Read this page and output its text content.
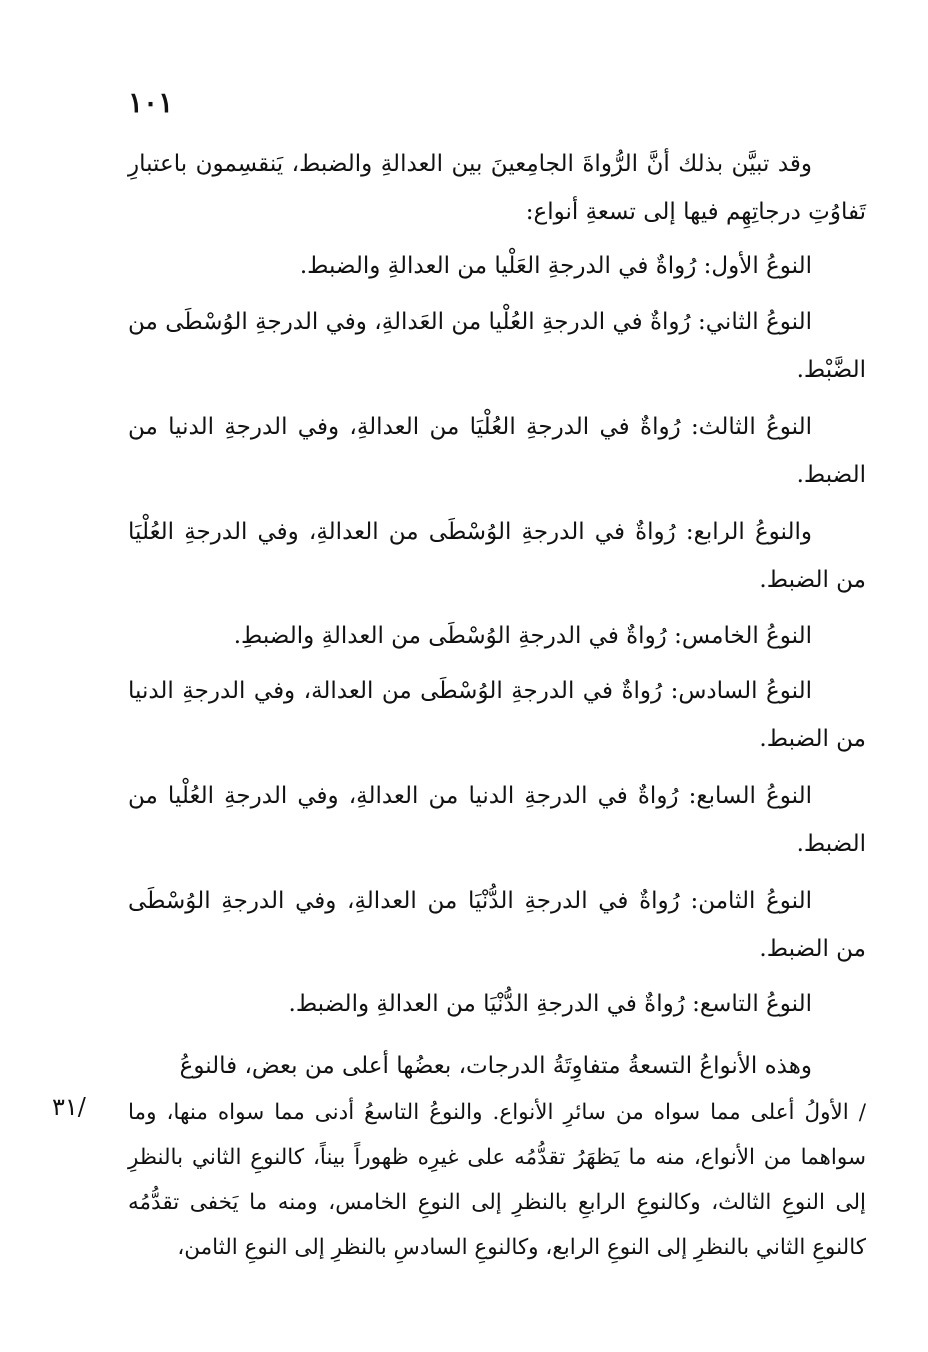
١٠١

وقد تبيَّن بذلك أنَّ الرُّواةَ الجامِعينَ بين العدالةِ والضبط، يَنقسِمون باعتبارِ تَفاوُتِ درجاتِهِم فيها إلى تسعةِ أنواع:

النوعُ الأول: رُواةٌ في الدرجةِ العَلْيا من العدالةِ والضبط.

النوعُ الثاني: رُواةٌ في الدرجةِ العُلْيا من العَدالةِ، وفي الدرجةِ الوُسْطَى من الضَّبْط.

النوعُ الثالث: رُواةٌ في الدرجةِ العُلْيَا من العدالةِ، وفي الدرجةِ الدنيا من الضبط.

والنوعُ الرابع: رُواةٌ في الدرجةِ الوُسْطَى من العدالةِ، وفي الدرجةِ العُلْيَا من الضبط.

النوعُ الخامس: رُواةٌ في الدرجةِ الوُسْطَى من العدالةِ والضبطِ.

النوعُ السادس: رُواةٌ في الدرجةِ الوُسْطَى من العدالة، وفي الدرجةِ الدنيا من الضبط.

النوعُ السابع: رُواةٌ في الدرجةِ الدنيا من العدالةِ، وفي الدرجةِ العُلْيا من الضبط.

النوعُ الثامن: رُواةٌ في الدرجةِ الدُّنْيَا من العدالةِ، وفي الدرجةِ الوُسْطَى من الضبط.

النوعُ التاسع: رُواةٌ في الدرجةِ الدُّنْيَا من العدالةِ والضبط.

وهذه الأنواعُ التسعةُ متفاوِتَةُ الدرجات، بعضُها أعلى من بعض، فالنوعُ

/ الأولُ أعلى مما سواه من سائرِ الأنواع. والنوعُ التاسعُ أدنى مما سواه منها، وما سواهما من الأنواع، منه ما يَظهَرُ تقدُّمُه على غيرِه ظهوراً بيناً، كالنوعِ الثاني بالنظرِ إلى النوعِ الثالث، وكالنوعِ الرابعِ بالنظرِ إلى النوعِ الخامس، ومنه ما يَخفى تقدُّمُه كالنوعِ الثاني بالنظرِ إلى النوعِ الرابع، وكالنوعِ السادسِ بالنظرِ إلى النوعِ الثامن،

/٣١
